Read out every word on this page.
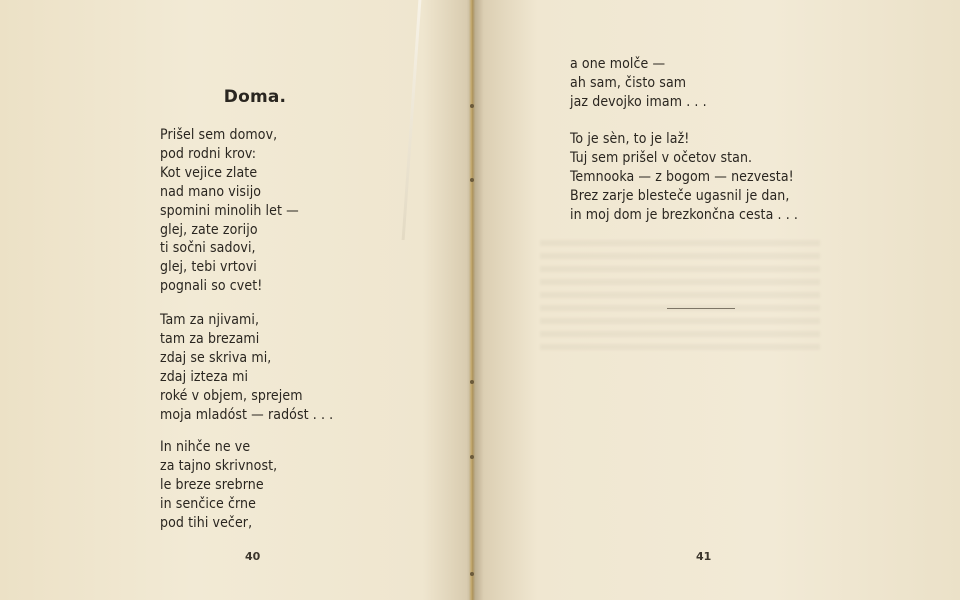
Doma.
Prišel sem domov,
pod rodni krov:
Kot vejice zlate
nad mano visijo
spomini minolih let —
glej, zate zorijo
ti sočni sadovi,
glej, tebi vrtovi
pognali so cvet!
Tam za njivami,
tam za brezami
zdaj se skriva mi,
zdaj izteza mi
roké v objem, sprejem
moja mladóst — radóst . . .
In nihče ne ve
za tajno skrivnost,
le breze srebrne
in senčice črne
pod tihi večer,
40
a one molče —
ah sam, čisto sam
jaz devojko imam . . .
To je sèn, to je laž!
Tuj sem prišel v očetov stan.
Temnooka — z bogom — nezvesta!
Brez zarje blesteče ugasnil je dan,
in moj dom je brezkončna cesta . . .
41
